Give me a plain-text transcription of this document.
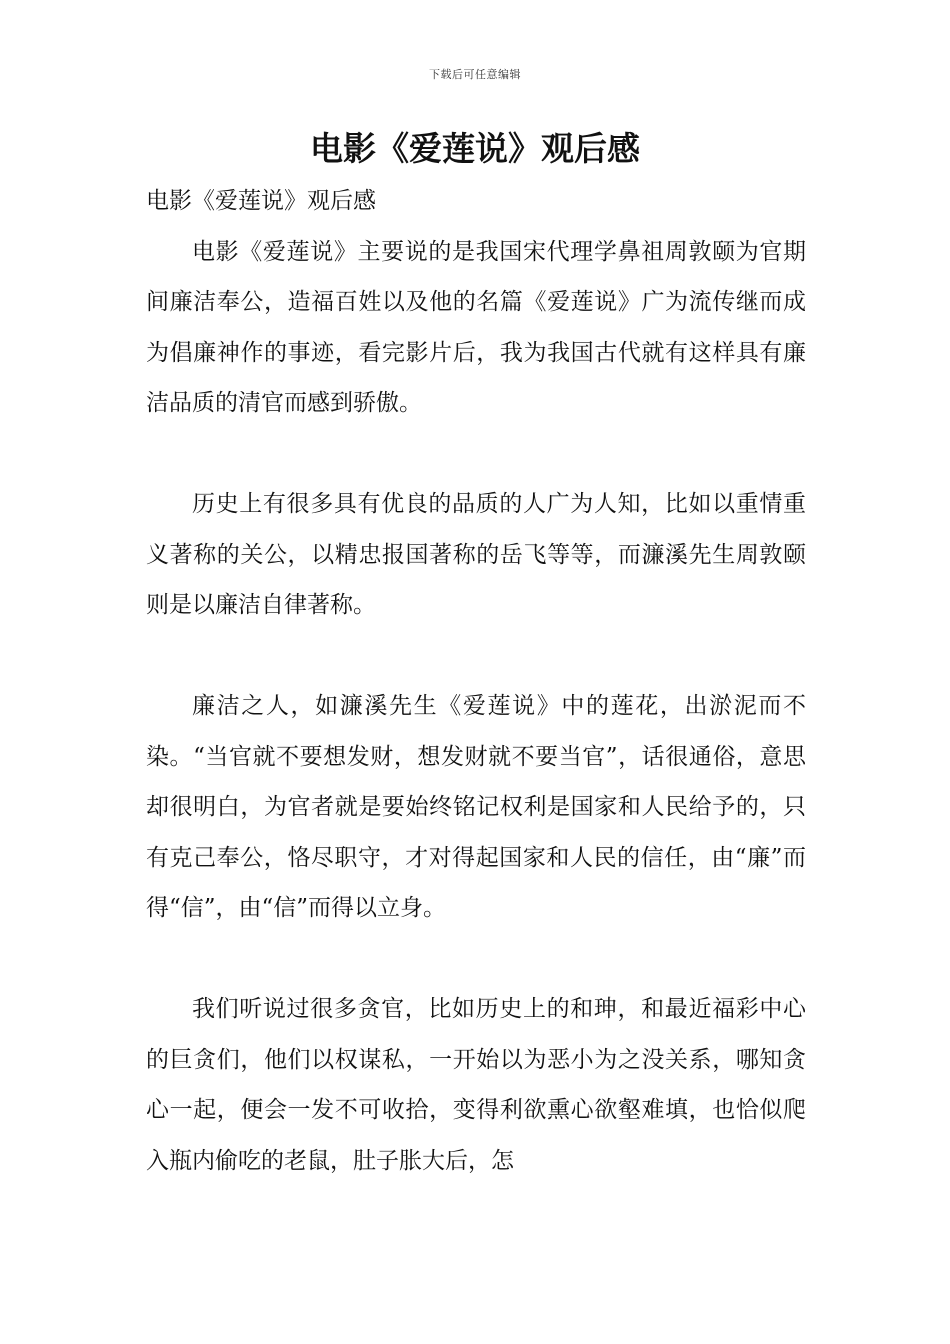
下载后可任意编辑
电影《爱莲说》观后感

电影《爱莲说》观后感

电影《爱莲说》主要说的是我国宋代理学鼻祖周敦颐为官期间廉洁奉公，造福百姓以及他的名篇《爱莲说》广为流传继而成为倡廉神作的事迹，看完影片后，我为我国古代就有这样具有廉洁品质的清官而感到骄傲。

历史上有很多具有优良的品质的人广为人知，比如以重情重义著称的关公，以精忠报国著称的岳飞等等，而濂溪先生周敦颐则是以廉洁自律著称。

廉洁之人，如濂溪先生《爱莲说》中的莲花，出淤泥而不染。“当官就不要想发财，想发财就不要当官”，话很通俗，意思却很明白，为官者就是要始终铭记权利是国家和人民给予的，只有克己奉公，恪尽职守，才对得起国家和人民的信任，由“廉”而得“信”，由“信”而得以立身。

我们听说过很多贪官，比如历史上的和珅，和最近福彩中心的巨贪们，他们以权谋私，一开始以为恶小为之没关系，哪知贪心一起，便会一发不可收拾，变得利欲熏心欲壑难填，也恰似爬入瓶内偷吃的老鼠，肚子胀大后，怎
